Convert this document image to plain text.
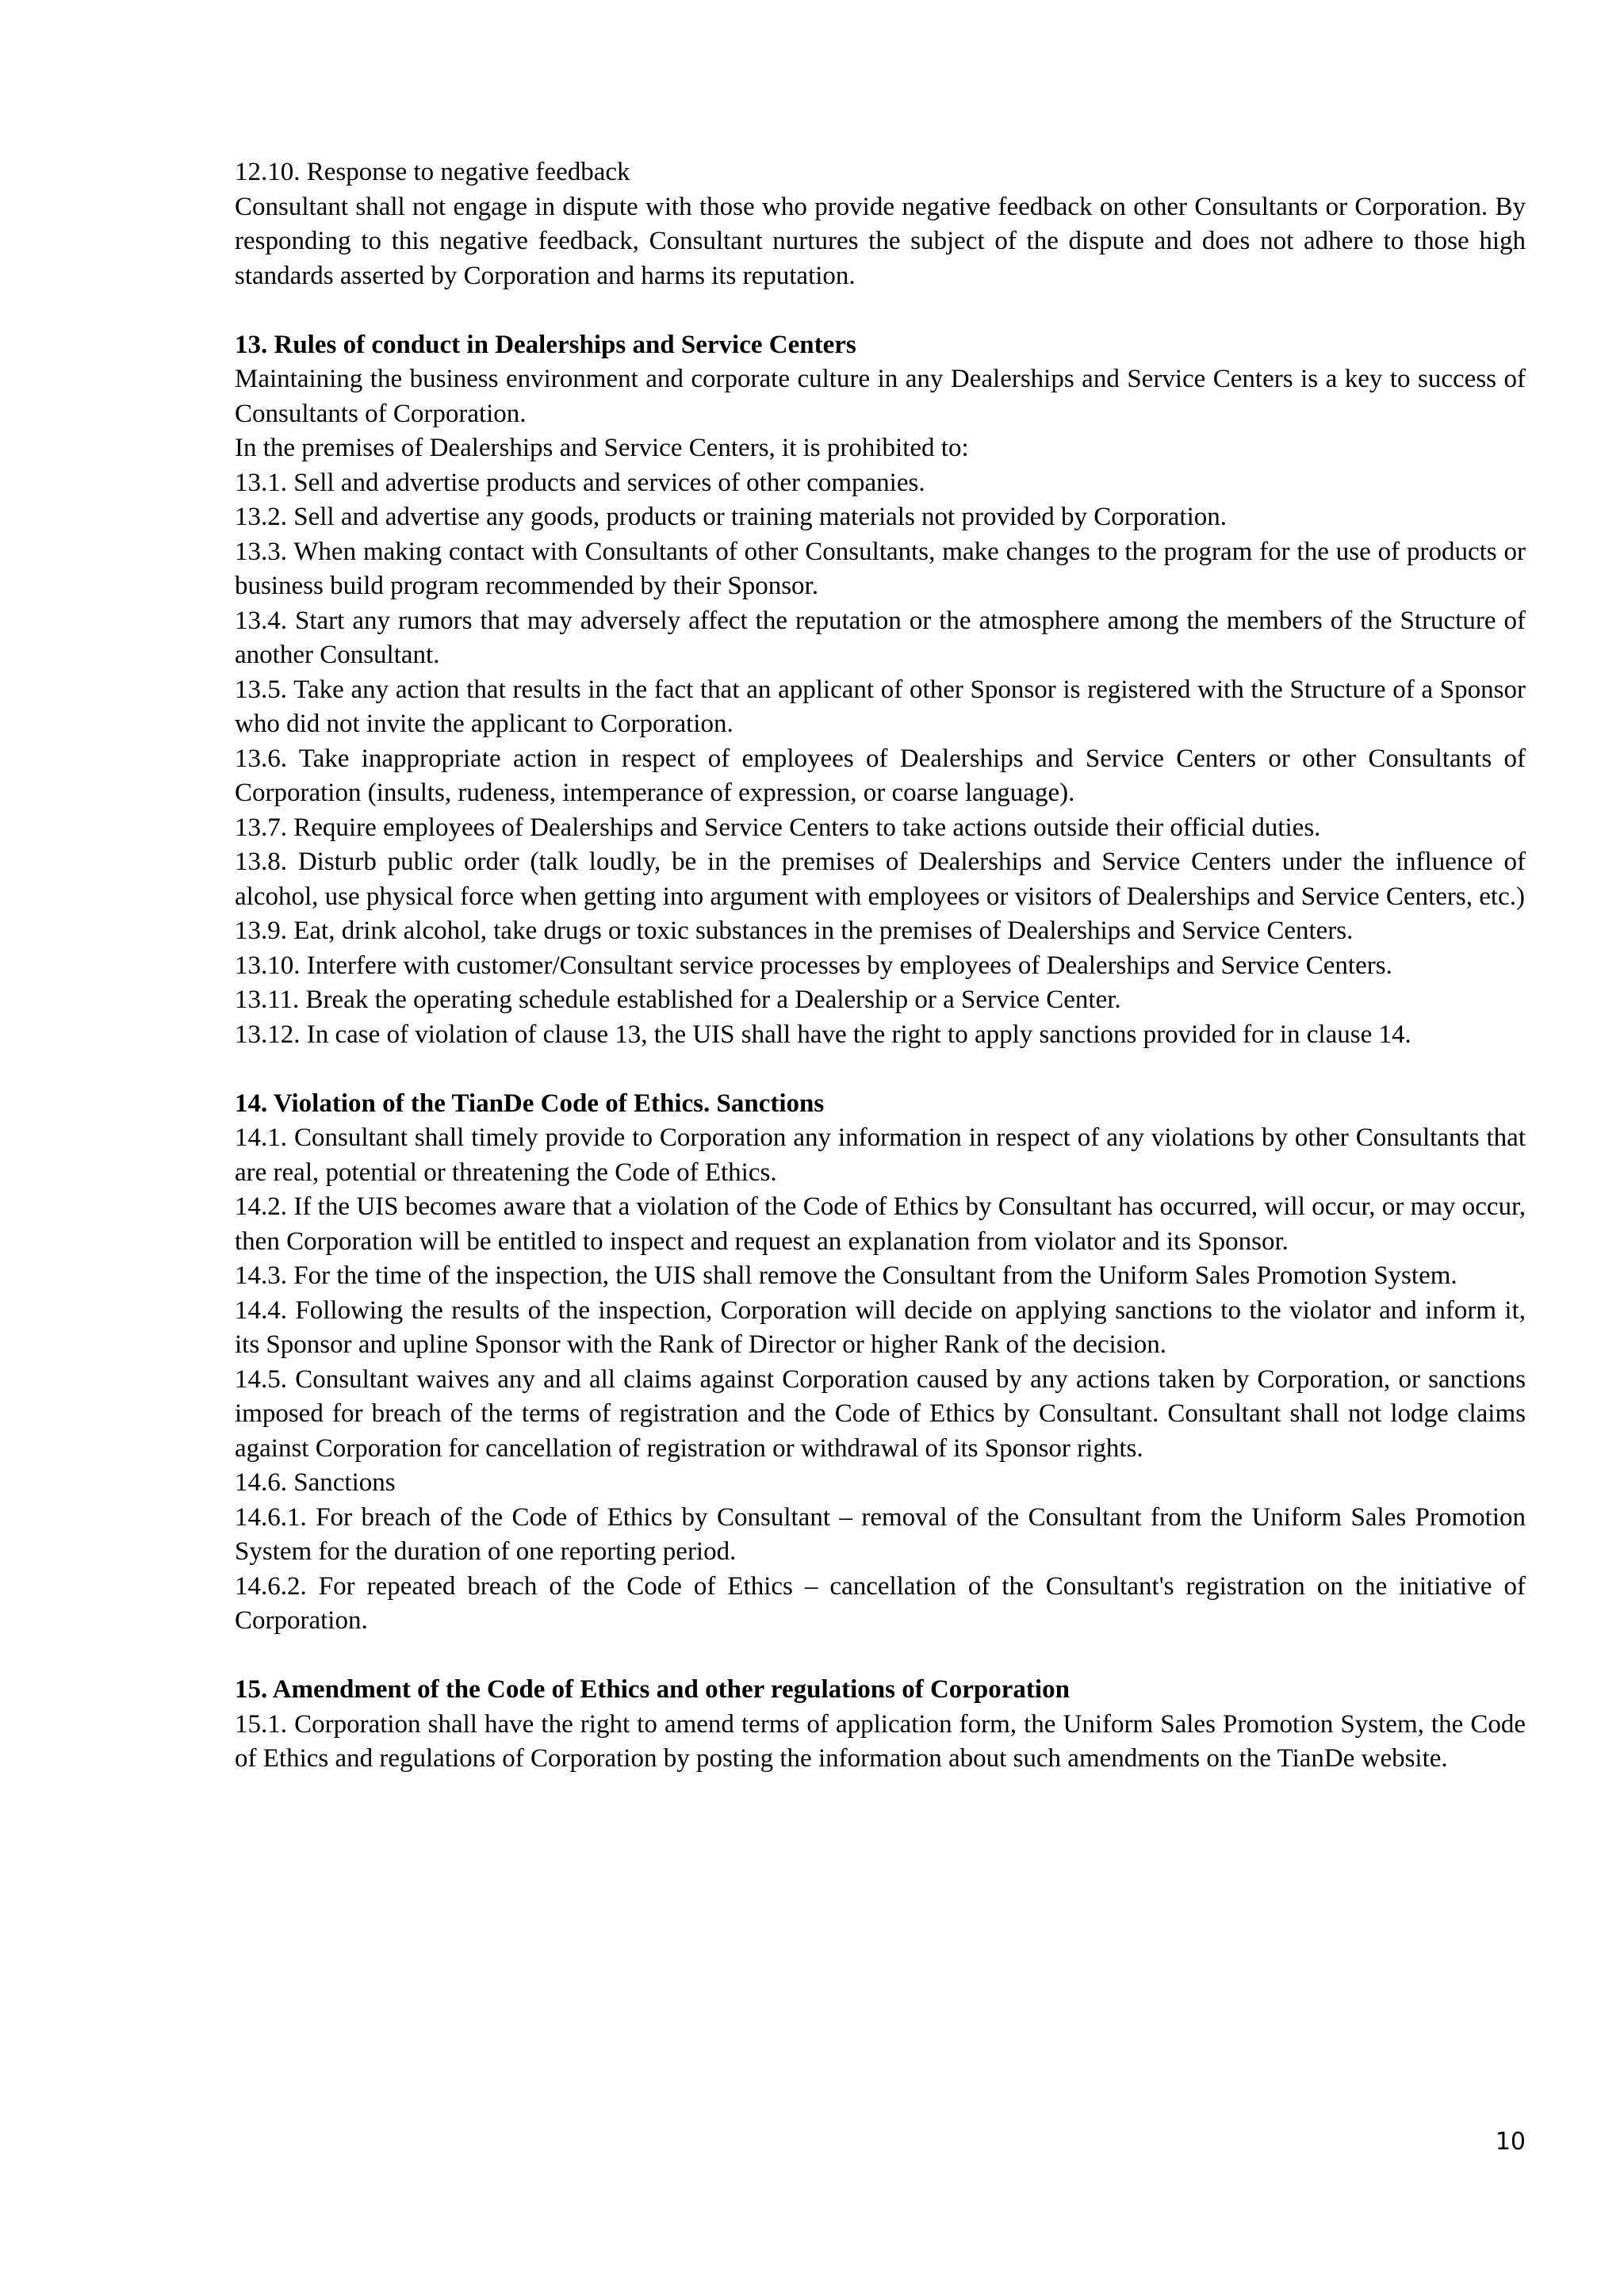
12.10. Response to negative feedback

Consultant shall not engage in dispute with those who provide negative feedback on other Consultants or Corporation. By responding to this negative feedback, Consultant nurtures the subject of the dispute and does not adhere to those high standards asserted by Corporation and harms its reputation.

13. Rules of conduct in Dealerships and Service Centers

Maintaining the business environment and corporate culture in any Dealerships and Service Centers is a key to success of Consultants of Corporation.

In the premises of Dealerships and Service Centers, it is prohibited to:

13.1. Sell and advertise products and services of other companies.

13.2. Sell and advertise any goods, products or training materials not provided by Corporation.

13.3. When making contact with Consultants of other Consultants, make changes to the program for the use of products or business build program recommended by their Sponsor.

13.4. Start any rumors that may adversely affect the reputation or the atmosphere among the members of the Structure of another Consultant.

13.5. Take any action that results in the fact that an applicant of other Sponsor is registered with the Structure of a Sponsor who did not invite the applicant to Corporation.

13.6. Take inappropriate action in respect of employees of Dealerships and Service Centers or other Consultants of Corporation (insults, rudeness, intemperance of expression, or coarse language).

13.7. Require employees of Dealerships and Service Centers to take actions outside their official duties.

13.8. Disturb public order (talk loudly, be in the premises of Dealerships and Service Centers under the influence of alcohol, use physical force when getting into argument with employees or visitors of Dealerships and Service Centers, etc.)

13.9. Eat, drink alcohol, take drugs or toxic substances in the premises of Dealerships and Service Centers.

13.10. Interfere with customer/Consultant service processes by employees of Dealerships and Service Centers.

13.11. Break the operating schedule established for a Dealership or a Service Center.

13.12. In case of violation of clause 13, the UIS shall have the right to apply sanctions provided for in clause 14.

14. Violation of the TianDe Code of Ethics. Sanctions

14.1. Consultant shall timely provide to Corporation any information in respect of any violations by other Consultants that are real, potential or threatening the Code of Ethics.

14.2. If the UIS becomes aware that a violation of the Code of Ethics by Consultant has occurred, will occur, or may occur, then Corporation will be entitled to inspect and request an explanation from violator and its Sponsor.

14.3. For the time of the inspection, the UIS shall remove the Consultant from the Uniform Sales Promotion System.

14.4. Following the results of the inspection, Corporation will decide on applying sanctions to the violator and inform it, its Sponsor and upline Sponsor with the Rank of Director or higher Rank of the decision.

14.5. Consultant waives any and all claims against Corporation caused by any actions taken by Corporation, or sanctions imposed for breach of the terms of registration and the Code of Ethics by Consultant. Consultant shall not lodge claims against Corporation for cancellation of registration or withdrawal of its Sponsor rights.

14.6. Sanctions

14.6.1. For breach of the Code of Ethics by Consultant – removal of the Consultant from the Uniform Sales Promotion System for the duration of one reporting period.

14.6.2. For repeated breach of the Code of Ethics – cancellation of the Consultant's registration on the initiative of Corporation.

15. Amendment of the Code of Ethics and other regulations of Corporation

15.1. Corporation shall have the right to amend terms of application form, the Uniform Sales Promotion System, the Code of Ethics and regulations of Corporation by posting the information about such amendments on the TianDe website.

10
